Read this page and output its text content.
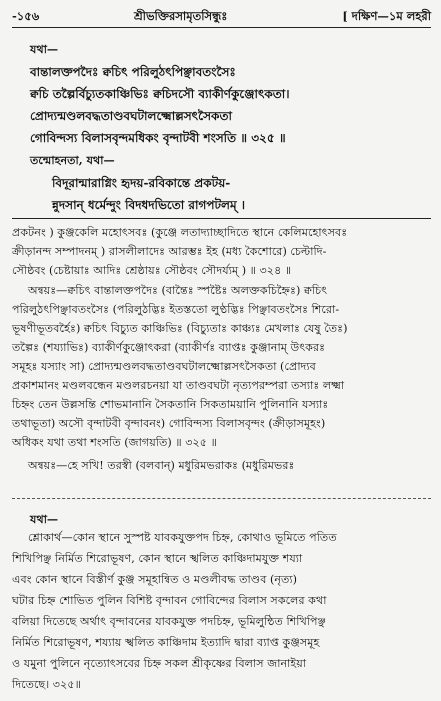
-১৫৬	শ্রীভক্তিরসামৃতসিন্ধুঃ	[ দক্ষিণ—১ম লহরী
যথা—
বান্তালক্তপদৈঃ ক্বচিৎ পরিলুঠৎপিঞ্ছাবতংসৈঃ
ক্বচি তল্পৈর্বিচ্যুতকাঞ্চিভিঃ ক্বচিদসৌ ব্যাকীর্ণকুঞ্জোৎকতা।
প্রোদ্যন্মণ্ডলবদ্ধতাণ্ডবঘটালক্ষ্মোল্লসৎসৈকতা
গোবিন্দস্য বিলাসবৃন্দমধিকং বৃন্দাটবী শংসতি ॥ ৩২৫ ॥
তন্মোহনতা, যথা—
বিদূরান্মারাগ্নিং হৃদয়-রবিকান্তে প্রকটয়-
ন্নুদসান্ ধর্মেন্দুং বিদধদভিতো রাগপটলম্ ।
প্রকটনং ) কুঞ্জকেলি মহোৎসবঃ (কুঞ্জে লতাদ্যাচ্ছাদিতে স্থানে কেলিমহোৎসবঃ
ক্রীড়ানন্দ সম্পাদনম্ ) রাসলীলাদেঃ আরম্ভঃ ইহ (মধ্য কৈশোরে) চেল্টাদি-
সৌষ্ঠবং (চেষ্টায়াঃ আদিঃ শ্রেষ্ঠায়ঃ সৌষ্ঠবং সৌদর্য্যম্ ) ॥ ৩২৪ ॥
অন্বয়ঃ—ক্বচিৎ বান্তালক্তপদৈঃ (বান্তৈঃ স্পষ্টৈঃ অলক্তকচিহ্নৈঃ) ক্বচিৎ
পরিলুঠৎপিঞ্ছাবতংসৈঃ (পরিলুঠদ্ভিঃ ইতস্ততো লুণ্ঠদ্ভিঃ পিঞ্ছাবতংসৈঃ শিরো-
ভূষণীভূতবর্হৈঃ) ক্বচিৎ বিচ্যুত কাঞ্চিভিঃ (বিচ্যুতাঃ কাঞ্চ্যঃ মেখলাঃ যেষু তৈঃ)
তল্পৈঃ (শয্যাভিঃ) ব্যাকীর্ণকুঞ্জোৎকরা (ব্যাকীর্ণঃ ব্যাপ্তঃ কুঞ্জানাম্ উৎকরঃ
সমূহঃ যস্যাং সা) প্রোদ্যন্মণ্ডলবদ্ধতাণ্ডবঘটালক্ষ্মোল্লসৎসৈকতা (প্রোদ্যব
প্রকাশমানং মণ্ডলবন্ধেন মণ্ডলরচনয়া যা তাণ্ডবঘটা নৃত্যপরম্পরা তস্যাঃ লক্ষ্মা
চিহ্নং তেন উল্লসন্তি শোভমানানি সৈকতানি সিকতাময়ানি পুলিনানি যস্যাঃ
তথাভূতা) অসৌ বৃন্দাটবী বৃন্দাবনং) গোবিন্দস্য বিলাসবৃন্দং (ক্রীড়াসমূহং)
অধিকং যথা তথা শংসতি (জাগয়তি) ॥ ৩২৫ ॥
অন্বয়ঃ—হে সখি! তরস্বী (বলবান্) মধুরিমভরাকঃ (মধুরিমভরঃ
যথা—
শ্লোকার্থ—কোন স্থানে সুস্পষ্ট যাবকযুক্তপদ চিহ্ন, কোথাও ভূমিতে পতিত
শিখিপিঞ্ছ নির্মিত শিরোভূষণ, কোন স্থানে স্খলিত কাঞ্চিদামযুক্ত শয্যা
এবং কোন স্থানে বিস্তীর্ণ কুঞ্জ সমূহান্বিত ও মণ্ডলীবদ্ধ তাণ্ডব (নৃত্য)
ঘটার চিহ্ন শোভিত পুলিন বিশিষ্ট বৃন্দাবন গোবিন্দের বিলাস সকলের কথা
বলিয়া দিতেছে অর্থাৎ বৃন্দাবনের যাবকযুক্ত পদচিহ্ন, ভূমিলুন্ঠিত শিখিপিঞ্ছ
নির্মিত শিরোভূষণ, শয্যায় স্খলিত কাঞ্চিদাম ইত্যাদি দ্বারা ব্যাপ্ত কুঞ্জসমূহ
ও যমুনা পুলিনে নৃত্যোৎসবের চিহ্ন সকল শ্রীকৃষ্ণের বিলাস জানাইয়া
দিতেছে। ৩২৫॥
